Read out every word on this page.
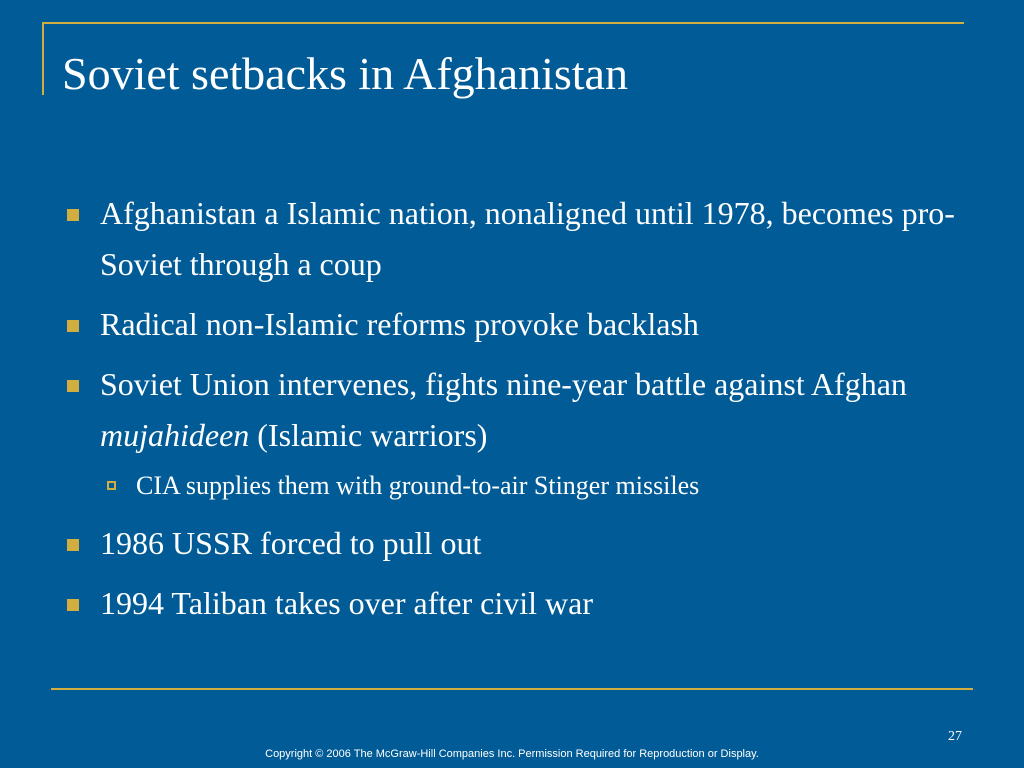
Soviet setbacks in Afghanistan
Afghanistan a Islamic nation, nonaligned until 1978, becomes pro-Soviet through a coup
Radical non-Islamic reforms provoke backlash
Soviet Union intervenes, fights nine-year battle against Afghan mujahideen (Islamic warriors)
CIA supplies them with ground-to-air Stinger missiles
1986 USSR forced to pull out
1994 Taliban takes over after civil war
27
Copyright © 2006 The McGraw-Hill Companies Inc. Permission Required for Reproduction or Display.
